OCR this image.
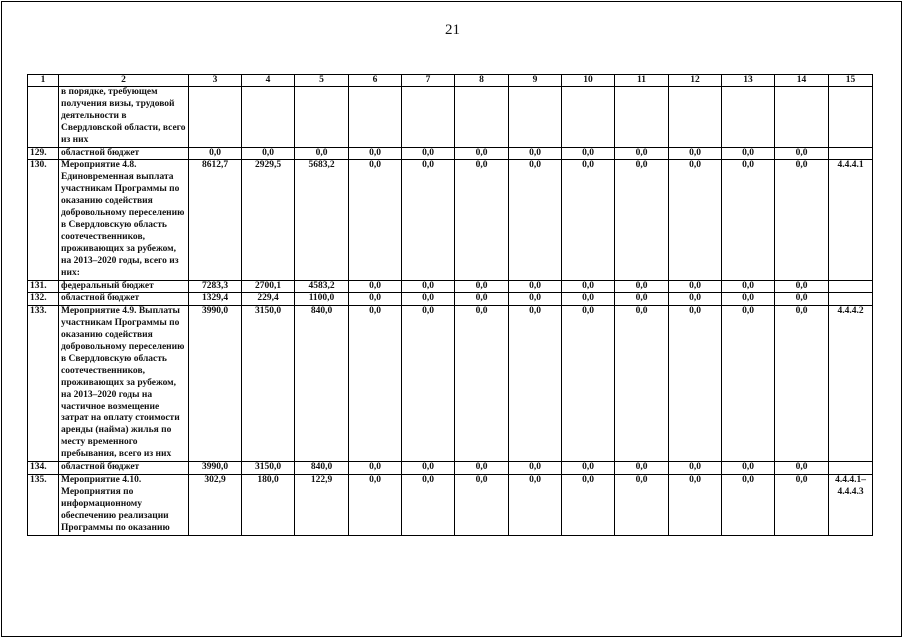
21
1	2	3	4	5	6	7	8	9	10	11	12	13	14	15
	в порядке, требующем получения визы, трудовой деятельности в Свердловской области, всего из них													
129.	областной бюджет	0,0	0,0	0,0	0,0	0,0	0,0	0,0	0,0	0,0	0,0	0,0	0,0	
130.	Мероприятие 4.8. Единовременная выплата участникам Программы по оказанию содействия добровольному переселению в Свердловскую область соотечественников, проживающих за рубежом, на 2013–2020 годы, всего из них:	8612,7	2929,5	5683,2	0,0	0,0	0,0	0,0	0,0	0,0	0,0	0,0	0,0	4.4.4.1
131.	федеральный бюджет	7283,3	2700,1	4583,2	0,0	0,0	0,0	0,0	0,0	0,0	0,0	0,0	0,0	
132.	областной бюджет	1329,4	229,4	1100,0	0,0	0,0	0,0	0,0	0,0	0,0	0,0	0,0	0,0	
133.	Мероприятие 4.9. Выплаты участникам Программы по оказанию содействия добровольному переселению в Свердловскую область соотечественников, проживающих за рубежом, на 2013–2020 годы на частичное возмещение затрат на оплату стоимости аренды (найма) жилья по месту временного пребывания, всего из них	3990,0	3150,0	840,0	0,0	0,0	0,0	0,0	0,0	0,0	0,0	0,0	0,0	4.4.4.2
134.	областной бюджет	3990,0	3150,0	840,0	0,0	0,0	0,0	0,0	0,0	0,0	0,0	0,0	0,0	
135.	Мероприятие 4.10. Мероприятия по информационному обеспечению реализации Программы по оказанию	302,9	180,0	122,9	0,0	0,0	0,0	0,0	0,0	0,0	0,0	0,0	0,0	4.4.4.1–
4.4.4.3
